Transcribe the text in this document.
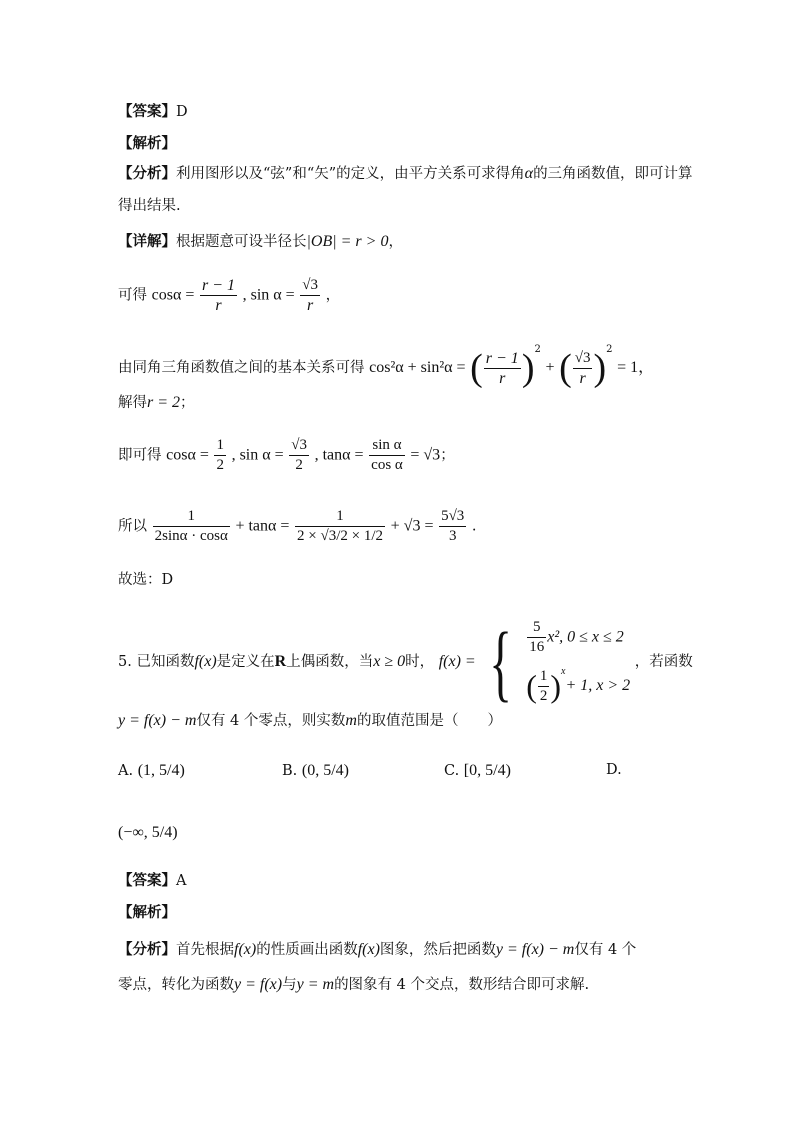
【答案】D
【解析】
【分析】利用图形以及“弦”和“矢”的定义，由平方关系可求得角α的三角函数值，即可计算
得出结果.
【详解】根据题意可设半径长|OB| = r > 0，
可得 $\cos\alpha = \frac{r - 1}{r}$ , $\sin \alpha = \frac{√3}{r}$ ，
由同角三角函数值之间的基本关系可得 cos²α + sin²α = ( $\frac{r - 1}{r} )^2$ + ( $\frac{√3}{r} )^2 = 1$，
解得r = 2；
即可得 $\cos\alpha = \frac{1}{2}$ , $\sin \alpha = \frac{√3}{2}$ , $\tan\alpha = \frac{\text{sin α}}{\text{cos α}} = √3$；
所以 $\frac{1}{2\sin\alpha \cdot \cos\alpha} + \tan\alpha = \frac{1}{2 \times √3/2 \times 1/2} + √3 = \frac{5√3}{3}$ .
故选：D
5. 已知函数f(x)是定义在R上偶函数，当x ≥ 0时， f(x) = { $\frac{5}{16} x^2$, 0 ≤ x ≤ 2
( $\frac{1}{2} )^x+ 1$, x > 2
，若函数
y = f(x) − m仅有 4 个零点，则实数m的取值范围是（　　）
A. (1, 5/4)	B. (0, 5/4)	C. [0, 5/4)	D.
(−∞, 5/4)
【答案】A
【解析】
【分析】首先根据f(x)的性质画出函数f(x)图象，然后把函数y = f(x) − m仅有 4 个
零点，转化为函数y = f(x)与y = m的图象有 4 个交点，数形结合即可求解.
